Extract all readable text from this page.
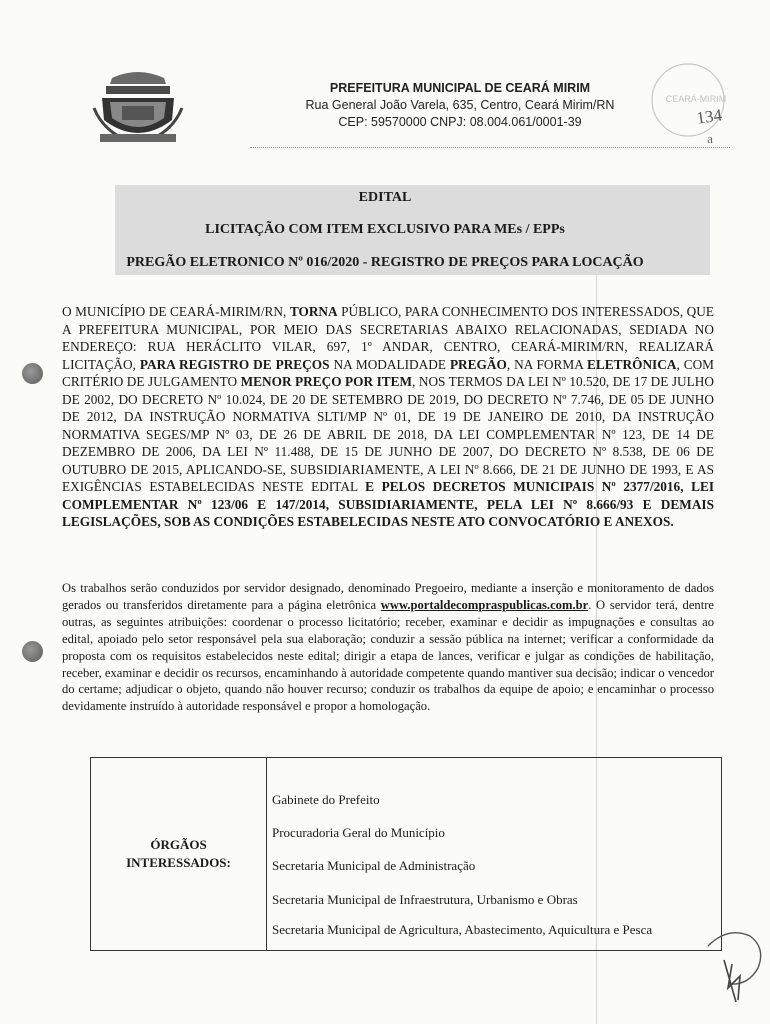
PREFEITURA MUNICIPAL DE CEARÁ MIRIM
Rua General João Varela, 635, Centro, Ceará Mirim/RN
CEP: 59570000 CNPJ: 08.004.061/0001-39
CEARÁ-MIRIM
134
a
EDITAL
LICITAÇÃO COM ITEM EXCLUSIVO PARA MEs / EPPs
PREGÃO ELETRONICO Nº 016/2020 - REGISTRO DE PREÇOS PARA LOCAÇÃO
O MUNICÍPIO DE CEARÁ-MIRIM/RN, TORNA PÚBLICO, PARA CONHECIMENTO DOS INTERESSADOS, QUE A PREFEITURA MUNICIPAL, POR MEIO DAS SECRETARIAS ABAIXO RELACIONADAS, SEDIADA NO ENDEREÇO: RUA HERÁCLITO VILAR, 697, 1º ANDAR, CENTRO, CEARÁ-MIRIM/RN, REALIZARÁ LICITAÇÃO, PARA REGISTRO DE PREÇOS NA MODALIDADE PREGÃO, NA FORMA ELETRÔNICA, COM CRITÉRIO DE JULGAMENTO MENOR PREÇO POR ITEM, NOS TERMOS DA LEI Nº 10.520, DE 17 DE JULHO DE 2002, DO DECRETO Nº 10.024, DE 20 DE SETEMBRO DE 2019, DO DECRETO Nº 7.746, DE 05 DE JUNHO DE 2012, DA INSTRUÇÃO NORMATIVA SLTI/MP Nº 01, DE 19 DE JANEIRO DE 2010, DA INSTRUÇÃO NORMATIVA SEGES/MP Nº 03, DE 26 DE ABRIL DE 2018, DA LEI COMPLEMENTAR Nº 123, DE 14 DE DEZEMBRO DE 2006, DA LEI Nº 11.488, DE 15 DE JUNHO DE 2007, DO DECRETO Nº 8.538, DE 06 DE OUTUBRO DE 2015, APLICANDO-SE, SUBSIDIARIAMENTE, A LEI Nº 8.666, DE 21 DE JUNHO DE 1993, E AS EXIGÊNCIAS ESTABELECIDAS NESTE EDITAL E PELOS DECRETOS MUNICIPAIS Nº 2377/2016, LEI COMPLEMENTAR Nº 123/06 E 147/2014, SUBSIDIARIAMENTE, PELA LEI Nº 8.666/93 E DEMAIS LEGISLAÇÕES, SOB AS CONDIÇÕES ESTABELECIDAS NESTE ATO CONVOCATÓRIO E ANEXOS.
Os trabalhos serão conduzidos por servidor designado, denominado Pregoeiro, mediante a inserção e monitoramento de dados gerados ou transferidos diretamente para a página eletrônica www.portaldecompraspublicas.com.br. O servidor terá, dentre outras, as seguintes atribuições: coordenar o processo licitatório; receber, examinar e decidir as impugnações e consultas ao edital, apoiado pelo setor responsável pela sua elaboração; conduzir a sessão pública na internet; verificar a conformidade da proposta com os requisitos estabelecidos neste edital; dirigir a etapa de lances, verificar e julgar as condições de habilitação, receber, examinar e decidir os recursos, encaminhando à autoridade competente quando mantiver sua decisão; indicar o vencedor do certame; adjudicar o objeto, quando não houver recurso; conduzir os trabalhos da equipe de apoio; e encaminhar o processo devidamente instruído à autoridade responsável e propor a homologação.
ÓRGÃOS
INTERESSADOS:
Gabinete do Prefeito
Procuradoria Geral do Município
Secretaria Municipal de Administração
Secretaria Municipal de Infraestrutura, Urbanismo e Obras
Secretaria Municipal de Agricultura, Abastecimento, Aquicultura e Pesca
